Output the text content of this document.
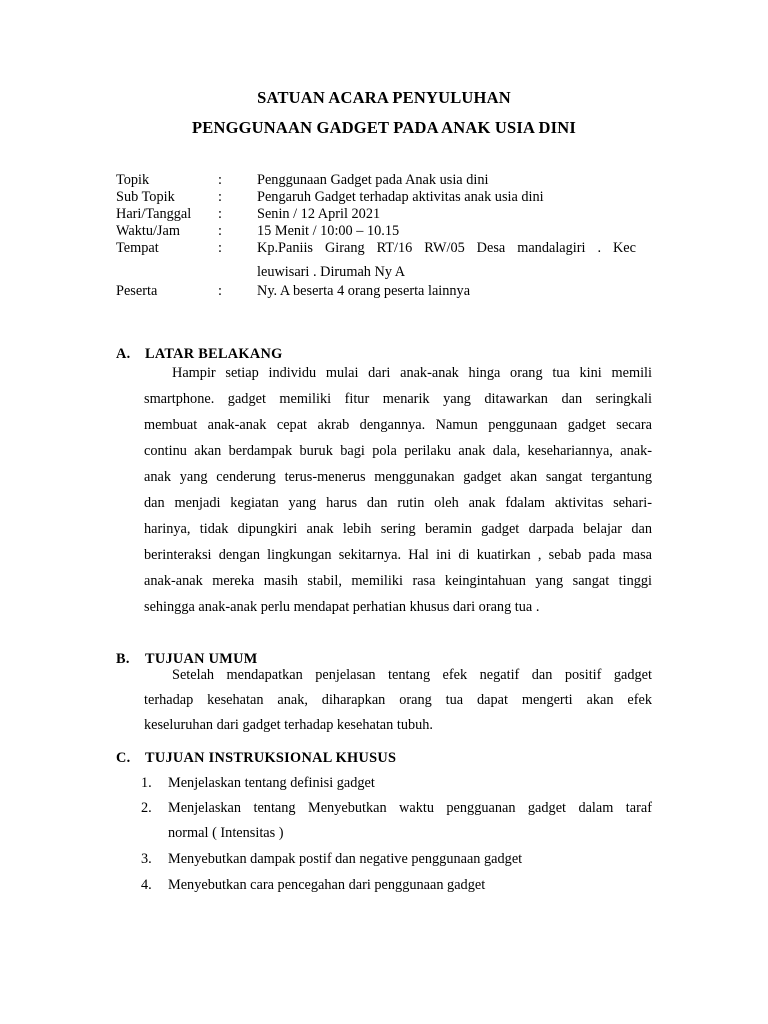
SATUAN ACARA PENYULUHAN
PENGGUNAAN GADGET PADA ANAK USIA DINI
Topik	: Penggunaan Gadget pada Anak usia dini
Sub Topik	: Pengaruh Gadget terhadap aktivitas anak usia dini
Hari/Tanggal : Senin / 12 April 2021
Waktu/Jam	: 15 Menit / 10:00 – 10.15
Tempat	: Kp.Paniis Girang RT/16 RW/05 Desa mandalagiri . Kec
leuwisari . Dirumah Ny A
Peserta	: Ny. A beserta 4 orang peserta lainnya
A. LATAR BELAKANG
Hampir setiap individu mulai dari anak-anak hinga orang tua kini memili
smartphone. gadget memiliki fitur menarik yang ditawarkan dan seringkali
membuat anak-anak cepat akrab dengannya. Namun penggunaan gadget secara
continu akan berdampak buruk bagi pola perilaku anak dala, kesehariannya, anak-
anak yang cenderung terus-menerus menggunakan gadget akan sangat tergantung
dan menjadi kegiatan yang harus dan rutin oleh anak fdalam aktivitas sehari-
harinya, tidak dipungkiri anak lebih sering beramin gadget darpada belajar dan
berinteraksi dengan lingkungan sekitarnya. Hal ini di kuatirkan , sebab pada masa
anak-anak mereka masih stabil, memiliki rasa keingintahuan yang sangat tinggi
sehingga anak-anak perlu mendapat perhatian khusus dari orang tua .
B. TUJUAN UMUM
Setelah mendapatkan penjelasan tentang efek negatif dan positif gadget
terhadap kesehatan anak, diharapkan orang tua dapat mengerti akan efek
keseluruhan dari gadget terhadap kesehatan tubuh.
C. TUJUAN INSTRUKSIONAL KHUSUS
1. Menjelaskan tentang definisi gadget
2. Menjelaskan tentang Menyebutkan waktu pengguanan gadget dalam taraf
normal ( Intensitas )
3. Menyebutkan dampak postif dan negative penggunaan gadget
4. Menyebutkan cara pencegahan dari penggunaan gadget
